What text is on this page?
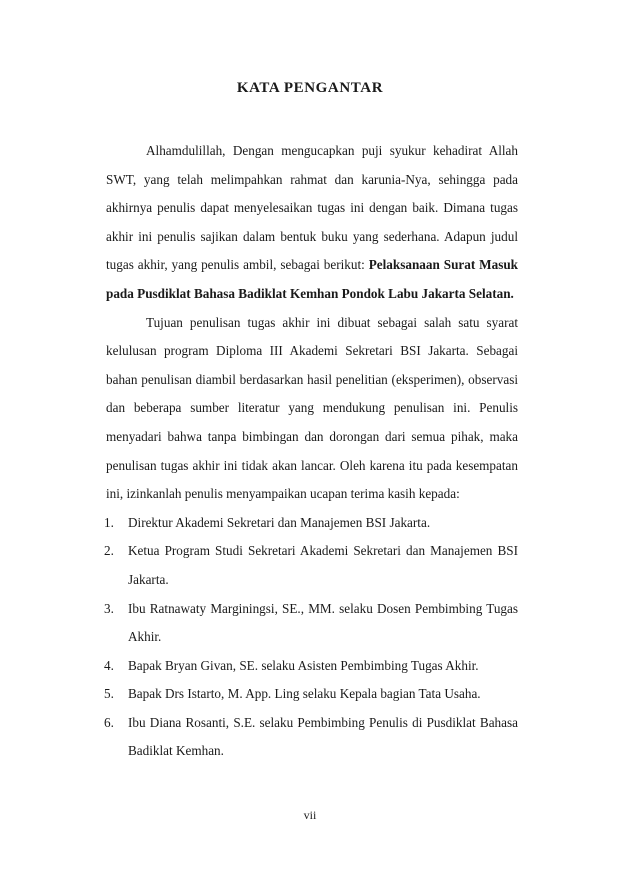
KATA PENGANTAR

Alhamdulillah, Dengan mengucapkan puji syukur kehadirat Allah SWT, yang telah melimpahkan rahmat dan karunia-Nya, sehingga pada akhirnya penulis dapat menyelesaikan tugas ini dengan baik. Dimana tugas akhir ini penulis sajikan dalam bentuk buku yang sederhana. Adapun judul tugas akhir, yang penulis ambil, sebagai berikut: Pelaksanaan Surat Masuk pada Pusdiklat Bahasa Badiklat Kemhan Pondok Labu Jakarta Selatan.

Tujuan penulisan tugas akhir ini dibuat sebagai salah satu syarat kelulusan program Diploma III Akademi Sekretari BSI Jakarta. Sebagai bahan penulisan diambil berdasarkan hasil penelitian (eksperimen), observasi dan beberapa sumber literatur yang mendukung penulisan ini. Penulis menyadari bahwa tanpa bimbingan dan dorongan dari semua pihak, maka penulisan tugas akhir ini tidak akan lancar. Oleh karena itu pada kesempatan ini, izinkanlah penulis menyampaikan ucapan terima kasih kepada:

1. Direktur Akademi Sekretari dan Manajemen BSI Jakarta.
2. Ketua Program Studi Sekretari Akademi Sekretari dan Manajemen BSI Jakarta.
3. Ibu Ratnawaty Marginingsi, SE., MM. selaku Dosen Pembimbing Tugas Akhir.
4. Bapak Bryan Givan, SE. selaku Asisten Pembimbing Tugas Akhir.
5. Bapak Drs Istarto, M. App. Ling selaku Kepala bagian Tata Usaha.
6. Ibu Diana Rosanti, S.E. selaku Pembimbing Penulis di Pusdiklat Bahasa Badiklat Kemhan.
vii
